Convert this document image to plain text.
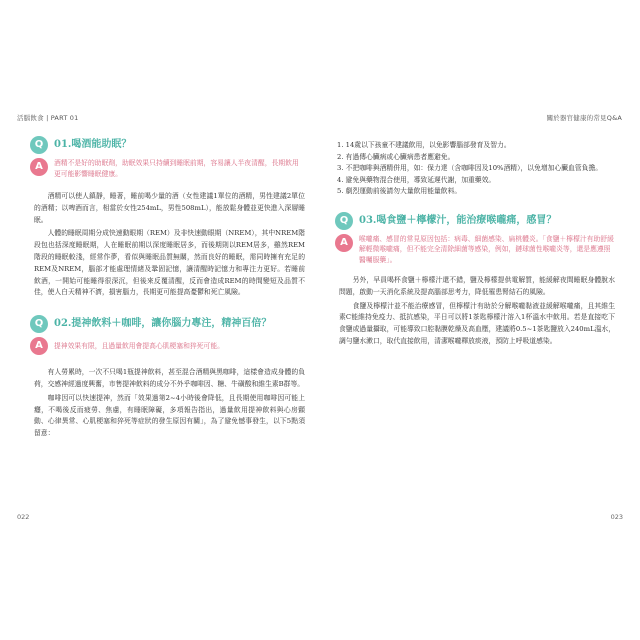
活腦飲食 | PART 01	關於器官健康的常見Q&A
Q	01.喝酒能助眠？
A	酒精不是好的助眠劑，助眠效果只持續到睡眠前期，容易讓人半夜清醒，長期飲用更可能影響睡眠健康。

酒精可以使人鎮靜，睡著，睡前喝少量的酒（女性建議1單位的酒精，男性建議2單位的酒精；以啤酒而言，相當於女性254mL，男性508mL），能放鬆身體並更快進入深層睡眠。

人體的睡眠周期分成快速動眼期（REM）及非快速動眼期（NREM），其中NREM階段包也括深度睡眠期，人在睡眠前期以深度睡眠居多，而後期則以REM居多，雖然REM階段的睡眠較淺，經常作夢，看似與睡眠品質無關，然而良好的睡眠，需同時擁有充足的REM及NREM，腦部才能處理情緒及鞏固記憶，讓清醒時記憶力和專注力更好。若睡前飲酒，一開始可能睡得很深沉，但後來反覆清醒，反而會造成REM的時間變短及品質不佳，使人白天精神不濟，損害腦力，長期更可能提高憂鬱和死亡風險。

Q	02.提神飲料＋咖啡，讓你腦力專注，精神百倍？
A	提神效果有限，且過量飲用會提高心肌梗塞和猝死可能。

有人勞累時，一次不只喝1瓶提神飲料，甚至混合酒精與黑咖啡，這樣會造成身體的負荷，交感神經過度興奮，市售提神飲料的成分不外乎咖啡因、糖、牛磺酸和維生素B群等。

咖啡因可以快速提神，然而「效果過第2~4小時後會降低，且長期使用咖啡因可能上癮，不喝後反而疲勞、焦慮，有睡眠障礙，多項報告指出，過量飲用提神飲料與心房顫動、心律異常、心肌梗塞和猝死等症狀的發生原因有關」，為了避免憾事發生，以下5點須留意：

1. 14歲以下孩童不建議飲用，以免影響腦部發育及智力。
2. 有過傳心臟病或心臟病患者應避免。
3. 不把咖啡與酒精併用，如：保力達（含咖啡因及10%酒精），以免增加心臟血管負擔。
4. 避免與藥物混合使用，導致延遲代謝，加重藥效。
5. 劇烈運動前後請勿大量飲用能量飲料。
Q	03.喝食鹽＋檸檬汁，能治療喉嚨痛，感冒？
A	喉嚨痛、感冒的常見原因包括：病毒、細菌感染、扁桃體炎。「食鹽＋檸檬汁有助舒緩解輕微喉嚨痛，但不能完全清除細菌等感染，例如，鏈球菌性喉嚨炎等，還是應遵照醫囑服藥」。

另外，早員喝杯食鹽＋檸檬汁還不錯，鹽及檸檬提供電解質，能緩解夜間睡眠身體脫水問題，啟動一天消化系統及提高腦部思考力，降低罹患腎結石的風險。

食鹽及檸檬汁並不能治療感冒，但檸檬汁有助於分解喉嚨黏液並緩解喉嚨痛，且其維生素C能維持免疫力、抵抗感染，平日可以將1茶匙檸檬汁溶入1杯溫水中飲用。若是直接吃下食鹽或過量攝取，可能導致口腔黏膜乾燥及高血壓，建議將0.5~1茶匙鹽放入240mL溫水，調勻鹽水漱口，取代直接飲用，清潔喉嚨釋放痰液，預防上呼吸道感染。

022	023
